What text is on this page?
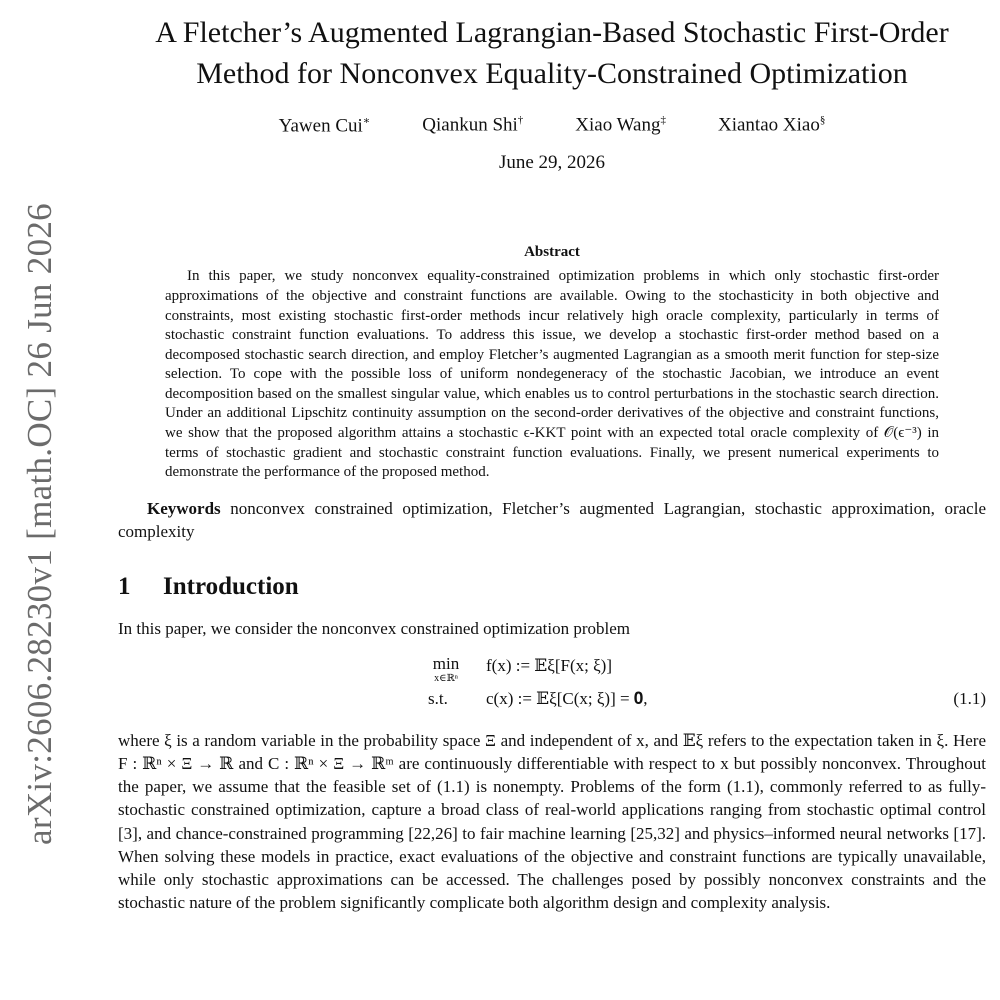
arXiv:2606.28230v1 [math.OC] 26 Jun 2026
A Fletcher’s Augmented Lagrangian-Based Stochastic First-Order
Method for Nonconvex Equality-Constrained Optimization
Yawen Cui∗	Qiankun Shi†	Xiao Wang‡	Xiantao Xiao§
June 29, 2026
Abstract
In this paper, we study nonconvex equality-constrained optimization problems in which only stochastic first-order approximations of the objective and constraint functions are available. Owing to the stochasticity in both objective and constraints, most existing stochastic first-order methods incur relatively high oracle complexity, particularly in terms of stochastic constraint function evaluations. To address this issue, we develop a stochastic first-order method based on a decomposed stochastic search direction, and employ Fletcher’s augmented Lagrangian as a smooth merit function for step-size selection. To cope with the possible loss of uniform nondegeneracy of the stochastic Jacobian, we introduce an event decomposition based on the smallest singular value, which enables us to control perturbations in the stochastic search direction. Under an additional Lipschitz continuity assumption on the second-order derivatives of the objective and constraint functions, we show that the proposed algorithm attains a stochastic ϵ-KKT point with an expected total oracle complexity of 𝒪(ϵ⁻³) in terms of stochastic gradient and stochastic constraint function evaluations. Finally, we present numerical experiments to demonstrate the performance of the proposed method.
Keywords nonconvex constrained optimization, Fletcher’s augmented Lagrangian, stochastic approximation, oracle complexity
1 Introduction
In this paper, we consider the nonconvex constrained optimization problem
min
x∈ℝⁿ
f(x) := 𝔼ξ[F(x; ξ)]
s.t. c(x) := 𝔼ξ[C(x; ξ)] = 𝟎,	(1.1)
where ξ is a random variable in the probability space Ξ and independent of x, and 𝔼ξ refers to the expectation taken in ξ. Here F : ℝⁿ × Ξ → ℝ and C : ℝⁿ × Ξ → ℝᵐ are continuously differentiable with respect to x but possibly nonconvex. Throughout the paper, we assume that the feasible set of (1.1) is nonempty. Problems of the form (1.1), commonly referred to as fully-stochastic constrained optimization, capture a broad class of real-world applications ranging from stochastic optimal control [3], and chance-constrained programming [22,26] to fair machine learning [25,32] and physics–informed neural networks [17]. When solving these models in practice, exact evaluations of the objective and constraint functions are typically unavailable, while only stochastic approximations can be accessed. The challenges posed by possibly nonconvex constraints and the stochastic nature of the problem significantly complicate both algorithm design and complexity analysis.
